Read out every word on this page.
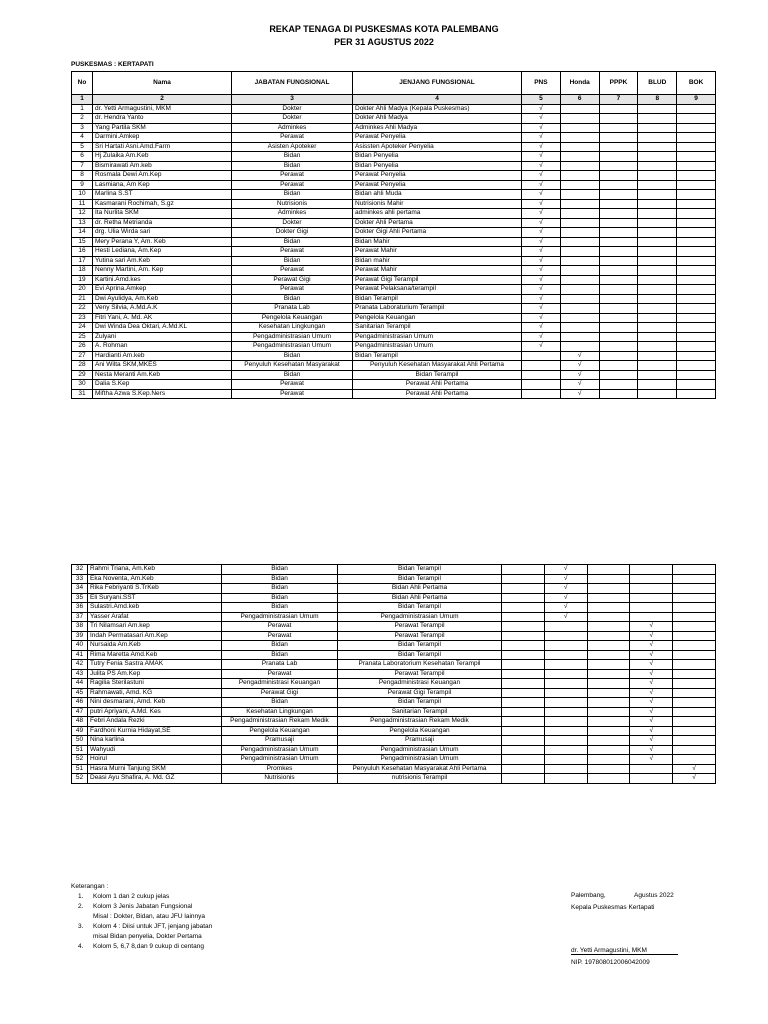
REKAP TENAGA DI PUSKESMAS KOTA PALEMBANG
PER 31 AGUSTUS 2022
PUSKESMAS : KERTAPATI
No	Nama	JABATAN FUNGSIONAL	JENJANG FUNGSIONAL	PNS	Honda	PPPK	BLUD	BOK
1	2	3	4	5	6	7	8	9
1	dr. Yetti Armagustini, MKM	Dokter	Dokter Ahli Madya (Kepala Puskesmas)	√				
2	dr. Hendra Yanto	Dokter	Dokter Ahli Madya	√				
3	Yang Partila SKM	Adminkes	Adminkes Ahli Madya	√				
4	Darmini.Amkep	Perawat	Perawat Penyelia	√				
5	Sri Hartati Asni.Amd.Farm	Asisten Apoteker	Asissten Apoteker Penyelia	√				
6	Hj Zulaika Am.Keb	Bidan	Bidan Penyelia	√				
7	Bismirawati Am.keb	Bidan	Bidan Penyelia	√				
8	Rosmala Dewi Am.Kep	Perawat	Perawat Penyelia	√				
9	Lasmiana, Am Kep	Perawat	Perawat Penyelia	√				
10	Marlina S.ST	Bidan	Bidan ahli Muda	√				
11	Kasmarani Rochimah, S.gz	Nutrisionis	Nutrisionis Mahir	√				
12	Ita Nurlita SKM	Adminkes	adminkes ahli pertama	√				
13	dr. Retha Metrianda	Dokter	Dokter Ahli Pertama	√				
14	drg. Ulia Wirda sari	Dokter Gigi	Dokter Gigi Ahli Pertama	√				
15	Mery Perana Y, Am. Keb	Bidan	Bidan Mahir	√				
16	Hesti Lediana, Am.Kep	Perawat	Perawat Mahir	√				
17	Yutina sari Am.Keb	Bidan	Bidan mahir	√				
18	Nenny Martini, Am. Kep	Perawat	Perawat Mahir	√				
19	Kartini.Amd.kes	Perawat Gigi	Perawat Gigi Terampil	√				
20	Evi Aprina.Amkep	Perawat	Perawat Pelaksana/terampil	√				
21	Dwi Ayulidya, Am.Keb	Bidan	Bidan Terampil	√				
22	Veny Silvia, A.Md.A.K	Pranata Lab	Pranata Laboraturium Terampil	√				
23	Fitri Yani, A. Md. AK	Pengelola Keuangan	Pengelola Keuangan	√				
24	Dwi Winda Dea Oktari, A.Md.KL	Kesehatan Lingkungan	Sanitarian Terampil	√				
25	Zulyani	Pengadministrasian Umum	Pengadministrasian Umum	√				
26	A. Rohman	Pengadministrasian Umum	Pengadministrasian Umum	√				
27	Hardianti Am.keb	Bidan	Bidan Terampil		√			
28	Ani Wilta SKM,MKES	Penyuluh Kesehatan Masyarakat	Penyuluh Kesehatan Masyarakat Ahli Pertama		√			
29	Nesta Meranti Am.Keb	Bidan	Bidan Terampil		√			
30	Dalia S.Kep	Perawat	Perawat Ahli Pertama		√			
31	Miftha Azwa S.Kep.Ners	Perawat	Perawat Ahli Pertama		√			
32	Rahmi Triana, Am.Keb	Bidan	Bidan Terampil		√			
33	Eka Noventa, Am.Keb	Bidan	Bidan Terampil		√			
34	Rika Febriyanti S.TrKeb	Bidan	Bidan Ahli Pertama		√			
35	Eli Suryani.SST	Bidan	Bidan Ahli Pertama		√			
36	Sulastri.Amd.keb	Bidan	Bidan Terampil		√			
37	Yasser Arafat	Pengadministrasian Umum	Pengadministrasian Umum		√			
38	Tri Nilamsari Am.kep	Perawat	Perawat Terampil				√	
39	Indah Permatasari Am.Kep	Perawat	Perawat Terampil				√	
40	Nursaida Am.Keb	Bidan	Bidan Terampil				√	
41	Rima Maretta Amd.Keb	Bidan	Bidan Terampil				√	
42	Tutry Fenia Sastra AMAK	Pranata Lab	Pranata Laboratorium Kesehatan Terampil				√	
43	Julita PS Am.Kep	Perawat	Perawat Terampil				√	
44	Ragilia Sterilastuni	Pengadministrasi Keuangan	Pengadministrasi Keuangan				√	
45	Rahmawati, Amd. KG	Perawat Gigi	Perawat Gigi Terampil				√	
46	Nini desmarani, Amd. Keb	Bidan	Bidan Terampil				√	
47	putri Apriyani, A.Md. Kes	Kesehatan Lingkungan	Sanitarian Terampil				√	
48	Febri Andala Rezki	Pengadministrasian Rekam Medik	Pengadministrasian Rekam Medik				√	
49	Fardhoni Kurnia Hidayat,SE	Pengelola Keuangan	Pengelola Keuangan				√	
50	Nina karlina	Pramusaji	Pramusaji				√	
51	Wahyudi	Pengadministrasian Umum	Pengadministrasian Umum				√	
52	Hoirul	Pengadministrasian Umum	Pengadministrasian Umum				√	
51	Hasra Murni Tanjung SKM	Promkes	Penyuluh Kesehatan Masyarakat Ahli Pertama					√
52	Deasi Ayu Shafira, A. Md. GZ	Nutrisionis	nutrisionis Terampil					√
Keterangan :
1. Kolom 1 dan 2 cukup jelas
2. Kolom 3 Jenis Jabatan Fungsional
Misal : Dokter, Bidan, atau JFU lainnya
3. Kolom 4 : Diisi untuk JFT, jenjang jabatan
misal Bidan penyelia, Dokter Pertama
4. Kolom 5, 6,7 8,dan 9 cukup di centang
Palembang,	Agustus 2022
Kepala Puskesmas Kertapati
dr. Yetti Armagustini, MKM
NIP. 197808012006042009
